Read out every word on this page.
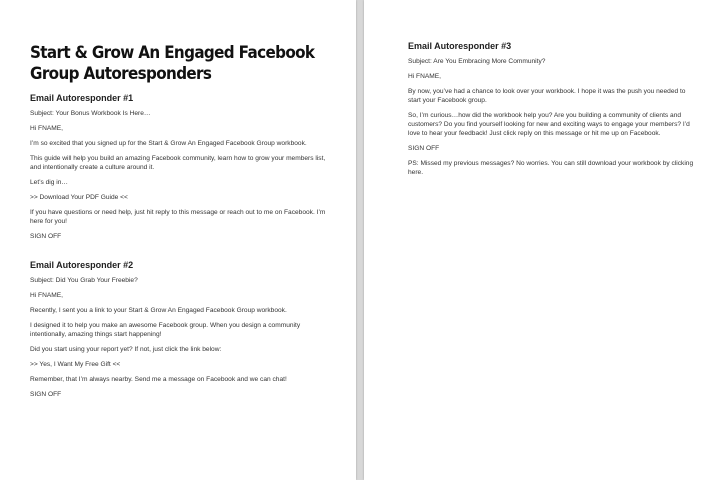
Start & Grow An Engaged Facebook Group Autoresponders
Email Autoresponder #1

Subject: Your Bonus Workbook Is Here…

Hi FNAME,

I’m so excited that you signed up for the Start & Grow An Engaged Facebook Group workbook.

This guide will help you build an amazing Facebook community, learn how to grow your members list, and intentionally create a culture around it.

Let’s dig in…

>> Download Your PDF Guide <<

If you have questions or need help, just hit reply to this message or reach out to me on Facebook. I’m here for you!

SIGN OFF

Email Autoresponder #2

Subject: Did You Grab Your Freebie?

Hi FNAME,

Recently, I sent you a link to your Start & Grow An Engaged Facebook Group workbook.

I designed it to help you make an awesome Facebook group. When you design a community intentionally, amazing things start happening!

Did you start using your report yet? If not, just click the link below:

>> Yes, I Want My Free Gift <<

Remember, that I’m always nearby. Send me a message on Facebook and we can chat!

SIGN OFF

Email Autoresponder #3

Subject: Are You Embracing More Community?

Hi FNAME,

By now, you’ve had a chance to look over your workbook. I hope it was the push you needed to start your Facebook group.

So, I’m curious…how did the workbook help you? Are you building a community of clients and customers? Do you find yourself looking for new and exciting ways to engage your members? I’d love to hear your feedback! Just click reply on this message or hit me up on Facebook.

SIGN OFF

PS: Missed my previous messages? No worries. You can still download your workbook by clicking here.
